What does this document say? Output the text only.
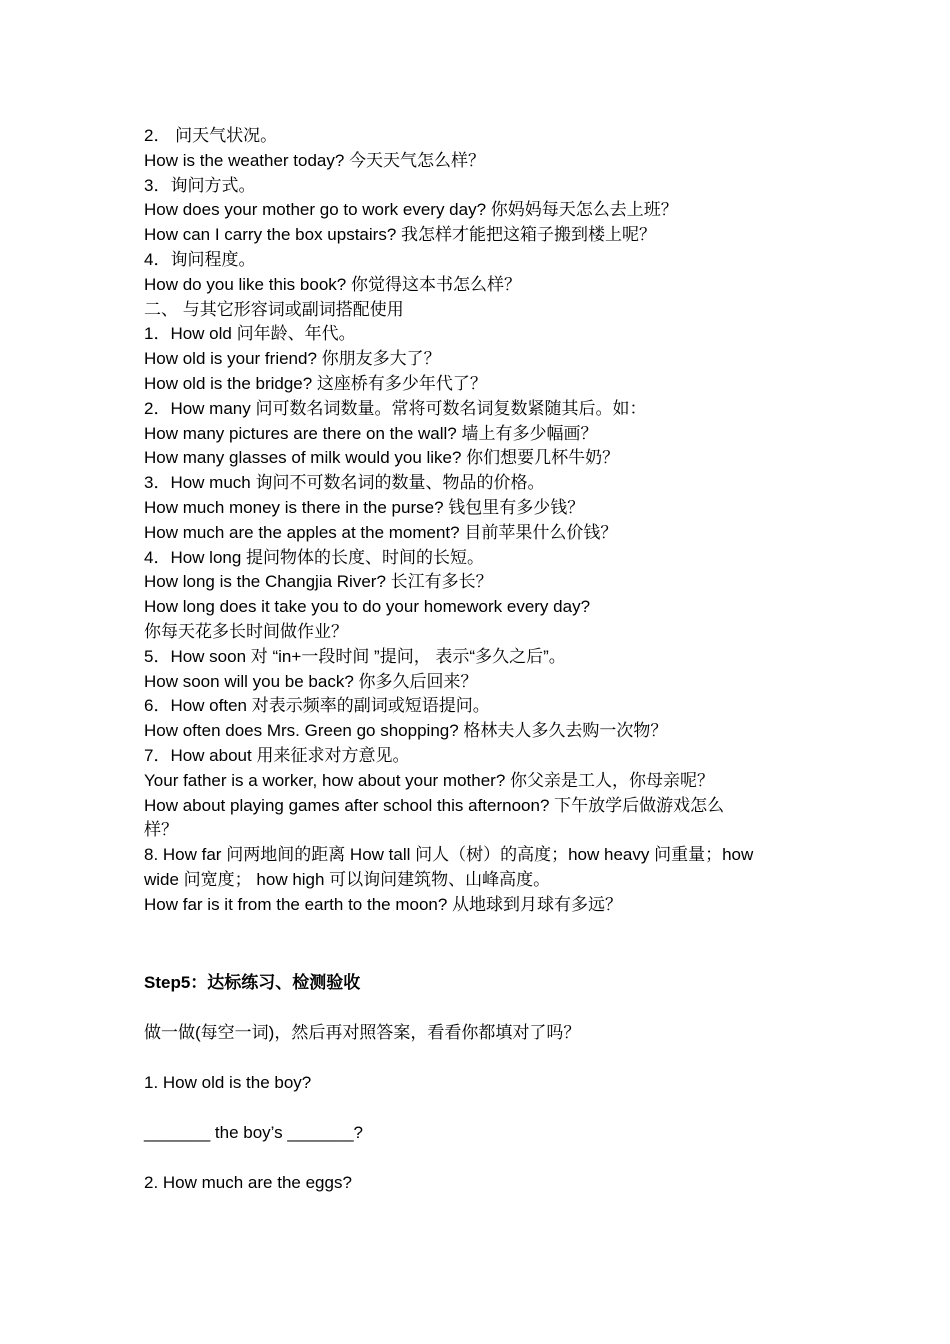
2． 问天气状况。
How is the weather today? 今天天气怎么样？
3．询问方式。
How does your mother go to work every day? 你妈妈每天怎么去上班？
How can I carry the box upstairs? 我怎样才能把这箱子搬到楼上呢？
4．询问程度。
How do you like this book? 你觉得这本书怎么样？
二、 与其它形容词或副词搭配使用
1．How old 问年龄、年代。
How old is your friend? 你朋友多大了？
How old is the bridge? 这座桥有多少年代了？
2．How many 问可数名词数量。常将可数名词复数紧随其后。如：
How many pictures are there on the wall? 墙上有多少幅画？
How many glasses of milk would you like? 你们想要几杯牛奶？
3．How much 询问不可数名词的数量、物品的价格。
How much money is there in the purse? 钱包里有多少钱？
How much are the apples at the moment? 目前苹果什么价钱？
4．How long 提问物体的长度、时间的长短。
How long is the Changjia River? 长江有多长？
How long does it take you to do your homework every day?
你每天花多长时间做作业？
5．How soon 对 “in+一段时间 ”提问， 表示“多久之后”。
How soon will you be back? 你多久后回来？
6．How often 对表示频率的副词或短语提问。
How often does Mrs. Green go shopping? 格林夫人多久去购一次物？
7．How about 用来征求对方意见。
Your father is a worker, how about your mother? 你父亲是工人，你母亲呢？
How about playing games after school this afternoon? 下午放学后做游戏怎么
样？
8. How far 问两地间的距离 How tall 问人（树）的高度；how heavy 问重量；how
wide 问宽度； how high 可以询问建筑物、山峰高度。
How far is it from the earth to the moon? 从地球到月球有多远？
Step5：达标练习、检测验收
做一做(每空一词)，然后再对照答案，看看你都填对了吗？
1. How old is the boy?
_______ the boy’s _______?
2. How much are the eggs?
